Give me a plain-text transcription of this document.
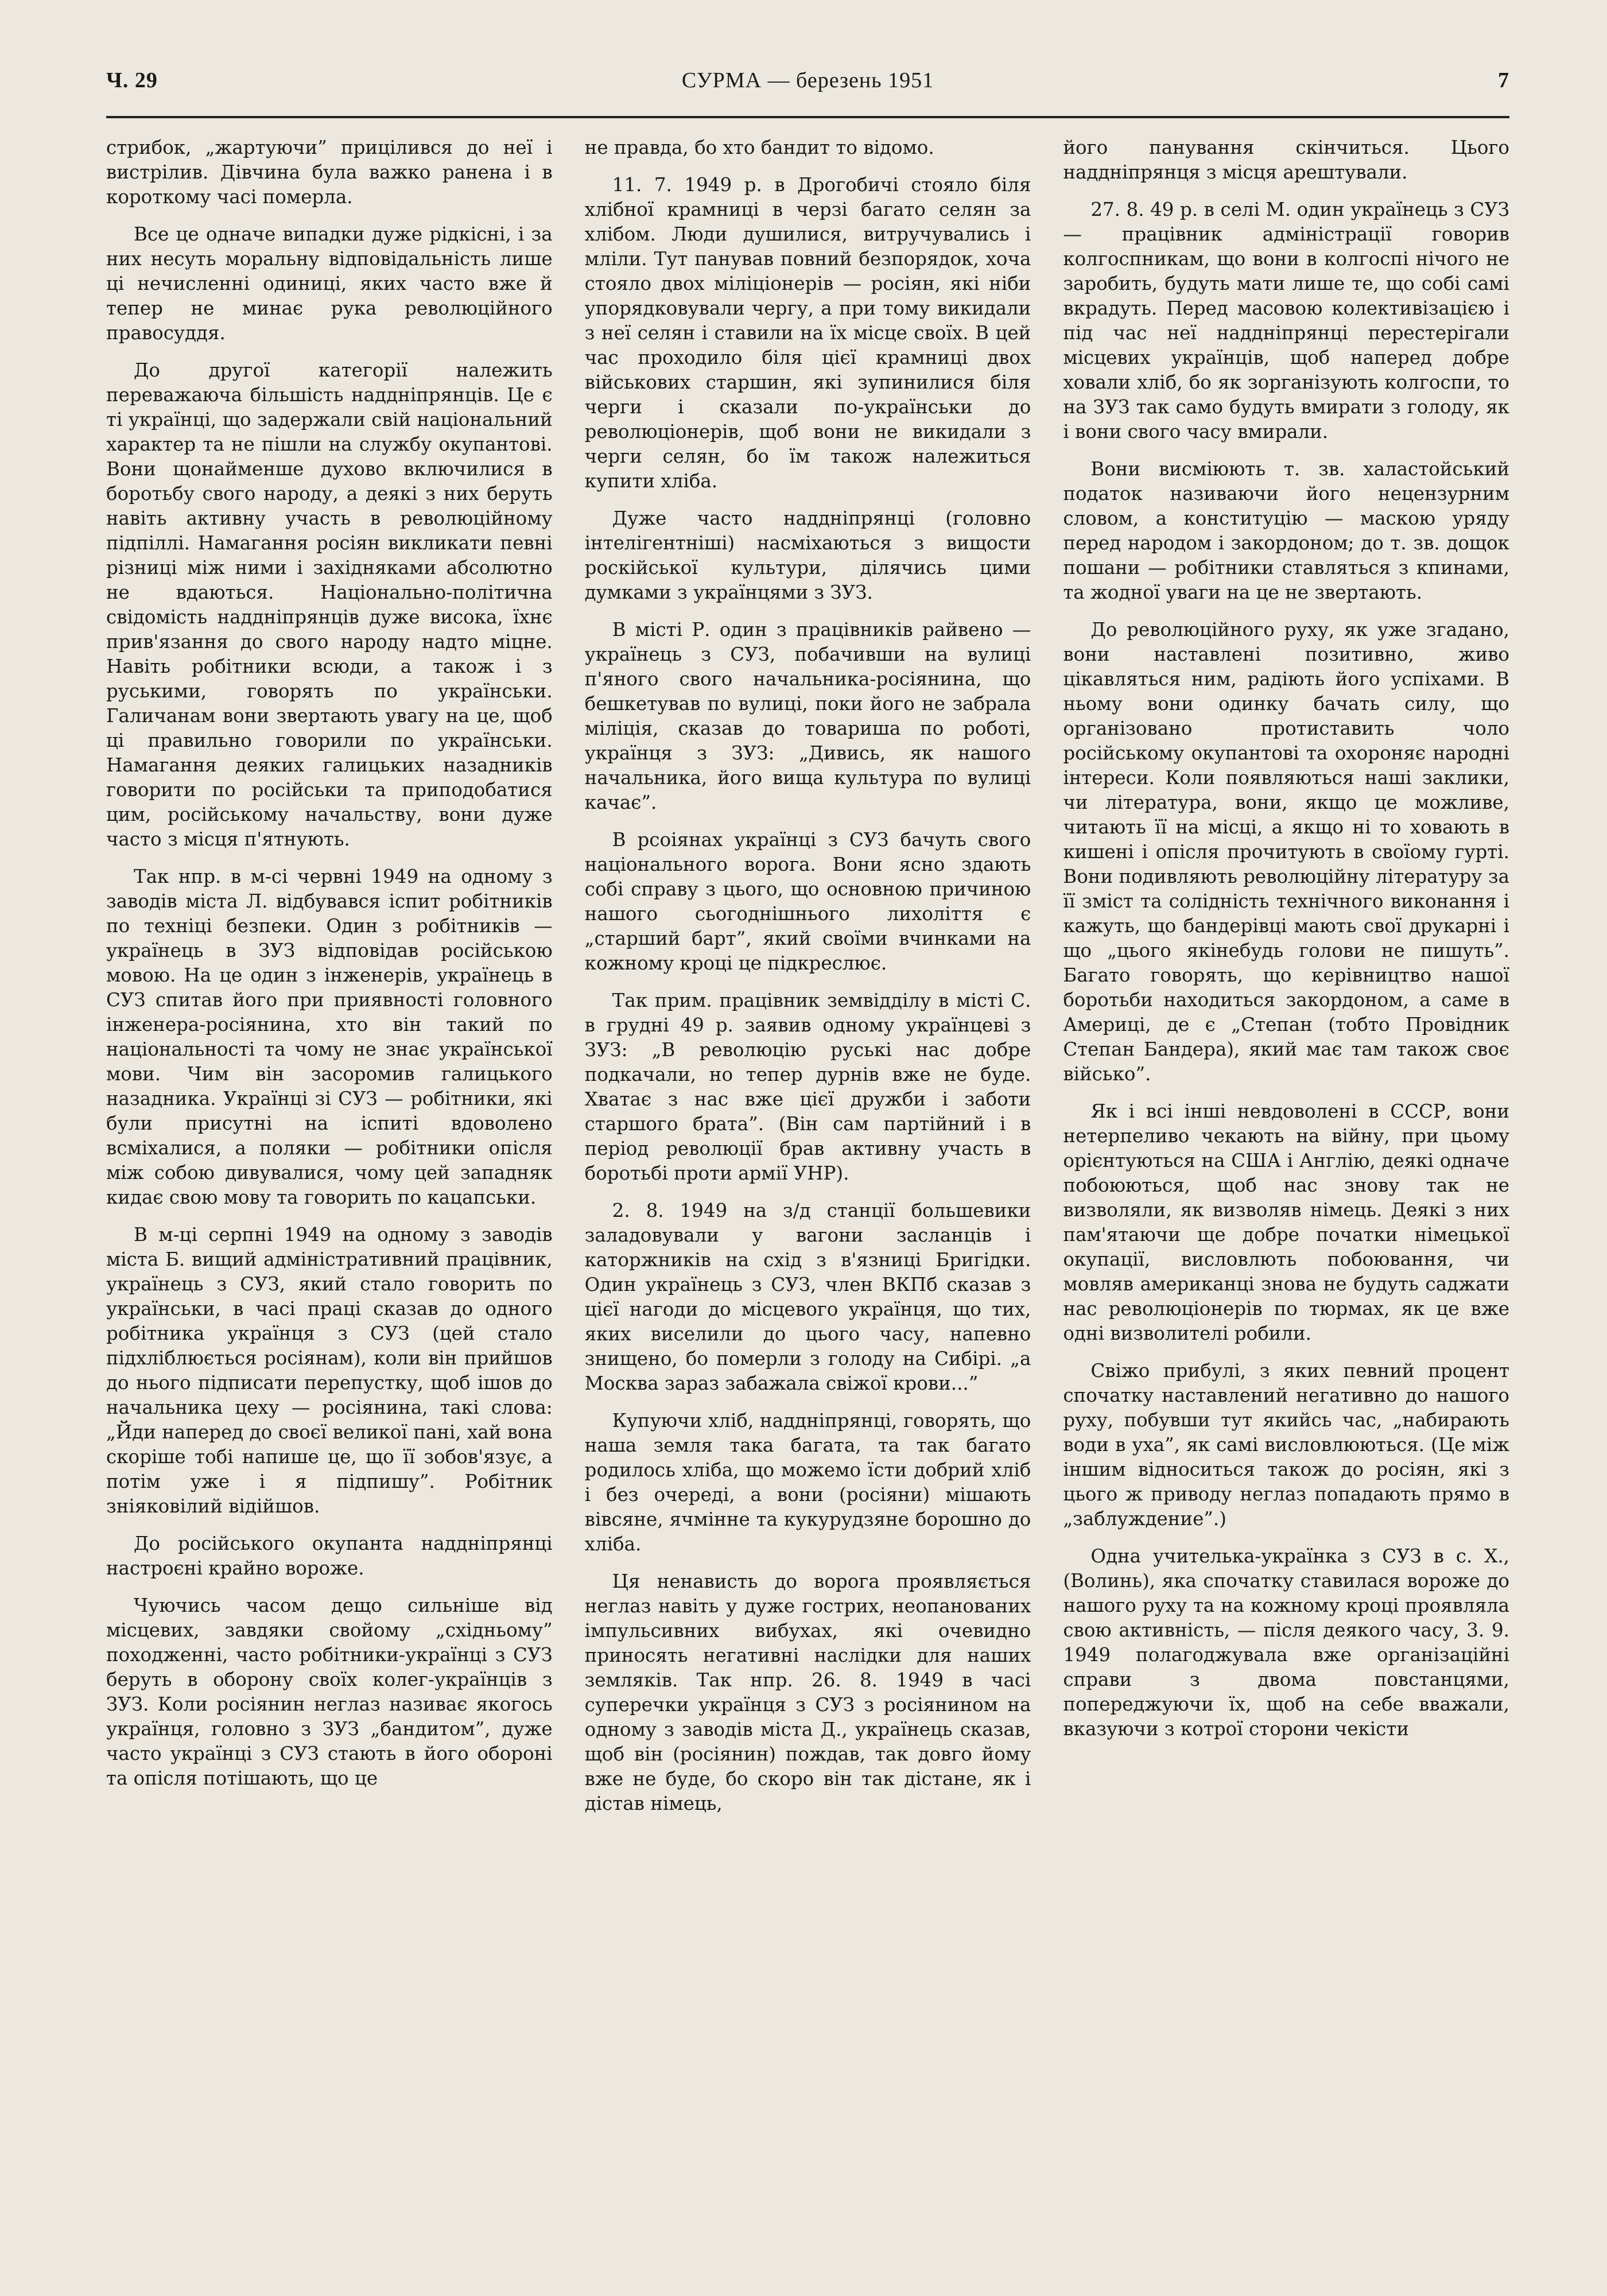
Ч. 29	СУРМА — березень 1951	7

стрибок, „жартуючи” прицілився до неї і вистрілив. Дівчина була важко ранена і в короткому часі померла.

Все це одначе випадки дуже рідкісні, і за них несуть моральну відповідальність лише ці нечисленні одиниці, яких часто вже й тепер не минає рука революційного правосуддя.

До другої категорії належить переважаюча більшість наддніпрянців. Це є ті українці, що задержали свій національний характер та не пішли на службу окупантові. Вони щонайменше духово включилися в боротьбу свого народу, а деякі з них беруть навіть активну участь в революційному підпіллі. Намагання росіян викликати певні різниці між ними і західняками абсолютно не вдаються. Національно-політична свідомість наддніпрянців дуже висока, їхнє прив'язання до свого народу надто міцне. Навіть робітники всюди, а також і з руськими, говорять по українськи. Галичанам вони звертають увагу на це, щоб ці правильно говорили по українськи. Намагання деяких галицьких назадників говорити по російськи та приподобатися цим, російському начальству, вони дуже часто з місця п'ятнують.

Так нпр. в м-сі червні 1949 на одному з заводів міста Л. відбувався іспит робітників по техніці безпеки. Один з робітників — українець в ЗУЗ відповідав російською мовою. На це один з інженерів, українець в СУЗ спитав його при приявності головного інженера-росіянина, хто він такий по національності та чому не знає української мови. Чим він засоромив галицького назадника. Українці зі СУЗ — робітники, які були присутні на іспиті вдоволено всміхалися, а поляки — робітники опісля між собою дивувалися, чому цей западняк кидає свою мову та говорить по кацапськи.

В м-ці серпні 1949 на одному з заводів міста Б. вищий адміністративний працівник, українець з СУЗ, який стало говорить по українськи, в часі праці сказав до одного робітника українця з СУЗ (цей стало підхліблюється росіянам), коли він прийшов до нього підписати перепустку, щоб ішов до начальника цеху — росіянина, такі слова: „Йди наперед до своєї великої пані, хай вона скоріше тобі напише це, що її зобов'язує, а потім уже і я підпишу”. Робітник зніяковілий відійшов.

До російського окупанта наддніпрянці настроєні крайно вороже.

Чуючись часом дещо сильніше від місцевих, завдяки свойому „східньому” походженні, часто робітники-українці з СУЗ беруть в оборону своїх колег-українців з ЗУЗ. Коли росіянин неглаз називає якогось українця, головно з ЗУЗ „бандитом”, дуже часто українці з СУЗ стають в його обороні та опісля потішають, що це

не правда, бо хто бандит то відомо.

11. 7. 1949 р. в Дрогобичі стояло біля хлібної крамниці в черзі багато селян за хлібом. Люди душилися, витручувались і мліли. Тут панував повний безпорядок, хоча стояло двох міліціонерів — росіян, які ніби упорядковували чергу, а при тому викидали з неї селян і ставили на їх місце своїх. В цей час проходило біля цієї крамниці двох військових старшин, які зупинилися біля черги і сказали по-українськи до революціонерів, щоб вони не викидали з черги селян, бо їм також належиться купити хліба.

Дуже часто наддніпрянці (головно інтелігентніші) насміхаються з вищости роскійської культури, ділячись цими думками з українцями з ЗУЗ.

В місті Р. один з працівників райвено — українець з СУЗ, побачивши на вулиці п'яного свого начальника-росіянина, що бешкетував по вулиці, поки його не забрала міліція, сказав до товариша по роботі, українця з ЗУЗ: „Дивись, як нашого начальника, його вища культура по вулиці качає”.

В рсоіянах українці з СУЗ бачуть свого національного ворога. Вони ясно здають собі справу з цього, що основною причиною нашого сьогоднішнього лихоліття є „старший барт”, який своїми вчинками на кожному кроці це підкреслює.

Так прим. працівник земвідділу в місті С. в грудні 49 р. заявив одному українцеві з ЗУЗ: „В революцію руські нас добре подкачали, но тепер дурнів вже не буде. Хватає з нас вже цієї дружби і заботи старшого брата”. (Він сам партійний і в період революції брав активну участь в боротьбі проти армії УНР).

2. 8. 1949 на з/д станції большевики заладовували у вагони засланців і каторжників на схід з в'язниці Бригідки. Один українець з СУЗ, член ВКПб сказав з цієї нагоди до місцевого українця, що тих, яких виселили до цього часу, напевно знищено, бо померли з голоду на Сибірі. „а Москва зараз забажала свіжої крови...”

Купуючи хліб, наддніпрянці, говорять, що наша земля така багата, та так багато родилось хліба, що можемо їсти добрий хліб і без очереді, а вони (росіяни) мішають вівсяне, ячмінне та кукурудзяне борошно до хліба.

Ця ненависть до ворога проявляється неглаз навіть у дуже гострих, неопанованих імпульсивних вибухах, які очевидно приносять негативні наслідки для наших земляків. Так нпр. 26. 8. 1949 в часі суперечки українця з СУЗ з росіянином на одному з заводів міста Д., українець сказав, щоб він (росіянин) пождав, так довго йому вже не буде, бо скоро він так дістане, як і дістав німець,

його панування скінчиться. Цього наддніпрянця з місця арештували.

27. 8. 49 р. в селі М. один українець з СУЗ — працівник адміністрації говорив колгоспникам, що вони в колгоспі нічого не заробить, будуть мати лише те, що собі самі вкрадуть. Перед масовою колективізацією і під час неї наддніпрянці перестерігали місцевих українців, щоб наперед добре ховали хліб, бо як зорганізують колгоспи, то на ЗУЗ так само будуть вмирати з голоду, як і вони свого часу вмирали.

Вони висміюють т. зв. халастойський податок називаючи його нецензурним словом, а конституцію — маскою уряду перед народом і закордоном; до т. зв. дощок пошани — робітники ставляться з кпинами, та жодної уваги на це не звертають.

До революційного руху, як уже згадано, вони наставлені позитивно, живо цікавляться ним, радіють його успіхами. В ньому вони одинку бачать силу, що організовано протиставить чоло російському окупантові та охороняє народні інтереси. Коли появляються наші заклики, чи література, вони, якщо це можливе, читають її на місці, а якщо ні то ховають в кишені і опісля прочитують в своїому гурті. Вони подивляють революційну літературу за її зміст та солідність технічного виконання і кажуть, що бандерівці мають свої друкарні і що „цього якінебудь голови не пишуть”. Багато говорять, що керівництво нашої боротьби находиться закордоном, а саме в Америці, де є „Степан (тобто Провідник Степан Бандера), який має там також своє військо”.

Як і всі інші невдоволені в СССР, вони нетерпеливо чекають на війну, при цьому орієнтуються на США і Англію, деякі одначе побоюються, щоб нас знову так не визволяли, як визволяв німець. Деякі з них пам'ятаючи ще добре початки німецької окупації, висловлють побоювання, чи мовляв американці знова не будуть саджати нас революціонерів по тюрмах, як це вже одні визволителі робили.

Свіжо прибулі, з яких певний процент спочатку наставлений негативно до нашого руху, побувши тут якийсь час, „набирають води в уха”, як самі висловлюються. (Це між іншим відноситься також до росіян, які з цього ж приводу неглаз попадають прямо в „заблуждение”.)

Одна учителька-українка з СУЗ в с. Х., (Волинь), яка спочатку ставилася вороже до нашого руху та на кожному кроці проявляла свою активність, — після деякого часу, 3. 9. 1949 полагоджувала вже організаційні справи з двома повстанцями, попереджуючи їх, щоб на себе вважали, вказуючи з котрої сторони чекісти
